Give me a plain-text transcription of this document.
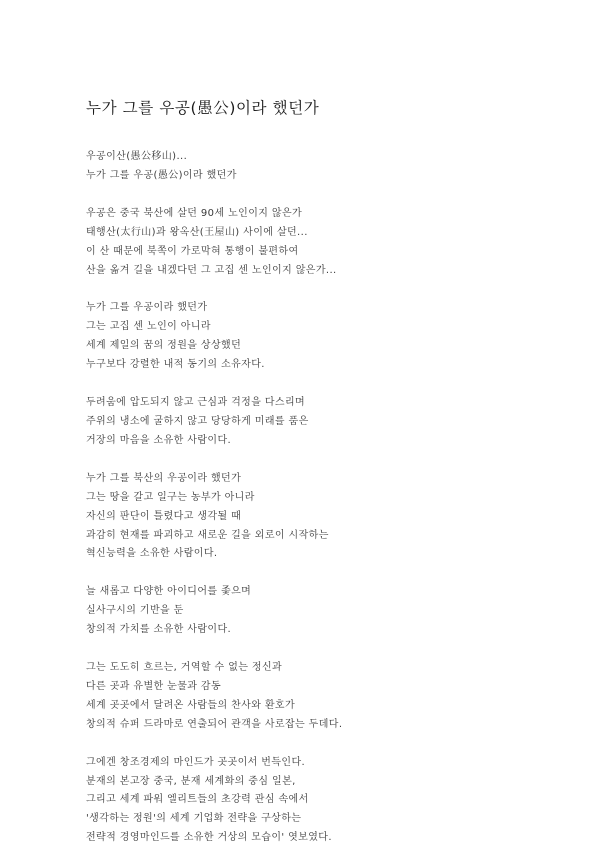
누가 그를 우공(愚公)이라 했던가
우공이산(愚公移山)...
누가 그를 우공(愚公)이라 했던가
우공은 중국 북산에 살던 90세 노인이지 않은가
태행산(太行山)과 왕옥산(王屋山) 사이에 살던...
이 산 때문에 북쪽이 가로막혀 통행이 불편하여
산을 옮겨 길을 내겠다던 그 고집 센 노인이지 않은가...
누가 그를 우공이라 했던가
그는 고집 센 노인이 아니라
세계 제일의 꿈의 정원을 상상했던
누구보다 강렬한 내적 동기의 소유자다.
두려움에 압도되지 않고 근심과 걱정을 다스리며
주위의 냉소에 굴하지 않고 당당하게 미래를 품은
거장의 마음을 소유한 사람이다.
누가 그를 북산의 우공이라 했던가
그는 땅을 갈고 일구는 농부가 아니라
자신의 판단이 틀렸다고 생각될 때
과감히 현재를 파괴하고 새로운 길을 외로이 시작하는
혁신능력을 소유한 사람이다.
늘 새롭고 다양한 아이디어를 좇으며
실사구시의 기반을 둔
창의적 가치를 소유한 사람이다.
그는 도도히 흐르는, 거역할 수 없는 정신과
다른 곳과 유별한 눈물과 감동
세계 곳곳에서 달려온 사람들의 찬사와 환호가
창의적 슈퍼 드라마로 연출되어 관객을 사로잡는 두데다.
그에겐 창조경제의 마인드가 곳곳이서 번득인다.
분재의 본고장 중국, 분재 세계화의 중심 일본,
그리고 세계 파워 엘리트들의 초강력 관심 속에서
'생각하는 정원'의 세계 기업화 전략을 구상하는
전략적 경영마인드를 소유한 거상의 모습이' 엿보였다.
